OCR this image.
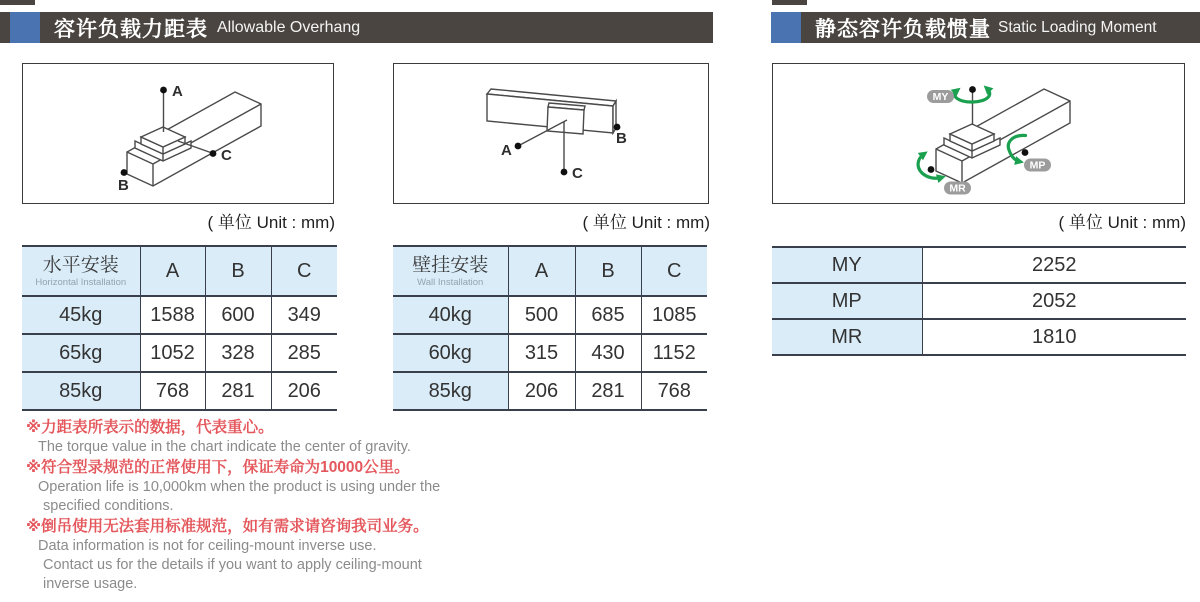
容许负载力距表 Allowable Overhang	静态容许负载惯量 Static Loading Moment
A
B
C
( 单位 Unit : mm)
A
B
C
( 单位 Unit : mm)
MY
MP
MR
( 单位 Unit : mm)
水平安装
Horizontal Installation	A	B	C
45kg	1588	600	349
65kg	1052	328	285
85kg	768	281	206
壁挂安装
Wall Installation	A	B	C
40kg	500	685	1085
60kg	315	430	1152
85kg	206	281	768
MY	2252
MP	2052
MR	1810
※力距表所表示的数据，代表重心。
The torque value in the chart indicate the center of gravity.
※符合型录规范的正常使用下，保证寿命为10000公里。
Operation life is 10,000km when the product is using under the
specified conditions.
※倒吊使用无法套用标准规范，如有需求请咨询我司业务。
Data information is not for ceiling-mount inverse use.
Contact us for the details if you want to apply ceiling-mount
inverse usage.
